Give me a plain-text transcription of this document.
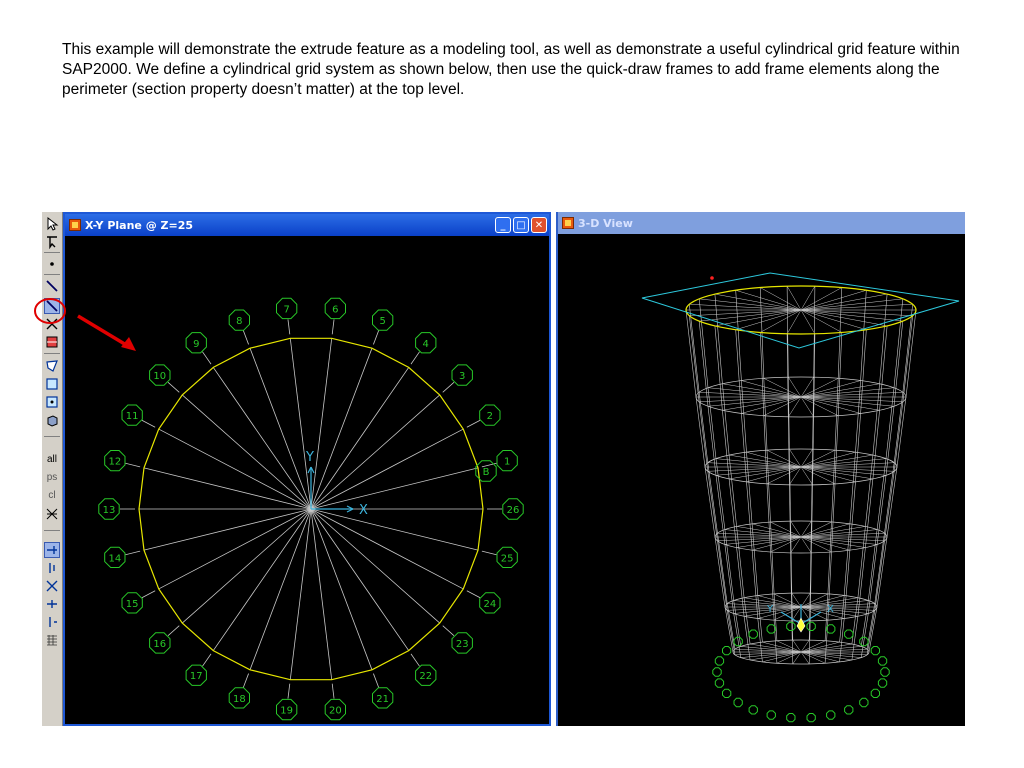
This example will demonstrate the extrude feature as a modeling tool, as well as demonstrate a useful cylindrical grid feature within SAP2000. We define a cylindrical grid system as shown below, then use the quick-draw frames to add frame elements along the perimeter (section property doesn’t matter) at the top level.

all
ps
cl
X-Y Plane @ Z=25	_	□ ✕
26
1
2
3
4
5
6
7
8
9
10
11
12
13
14
15
16
17
18
19	20
21
22
23
24
25
B
X
Y
3-D View
X
Y
